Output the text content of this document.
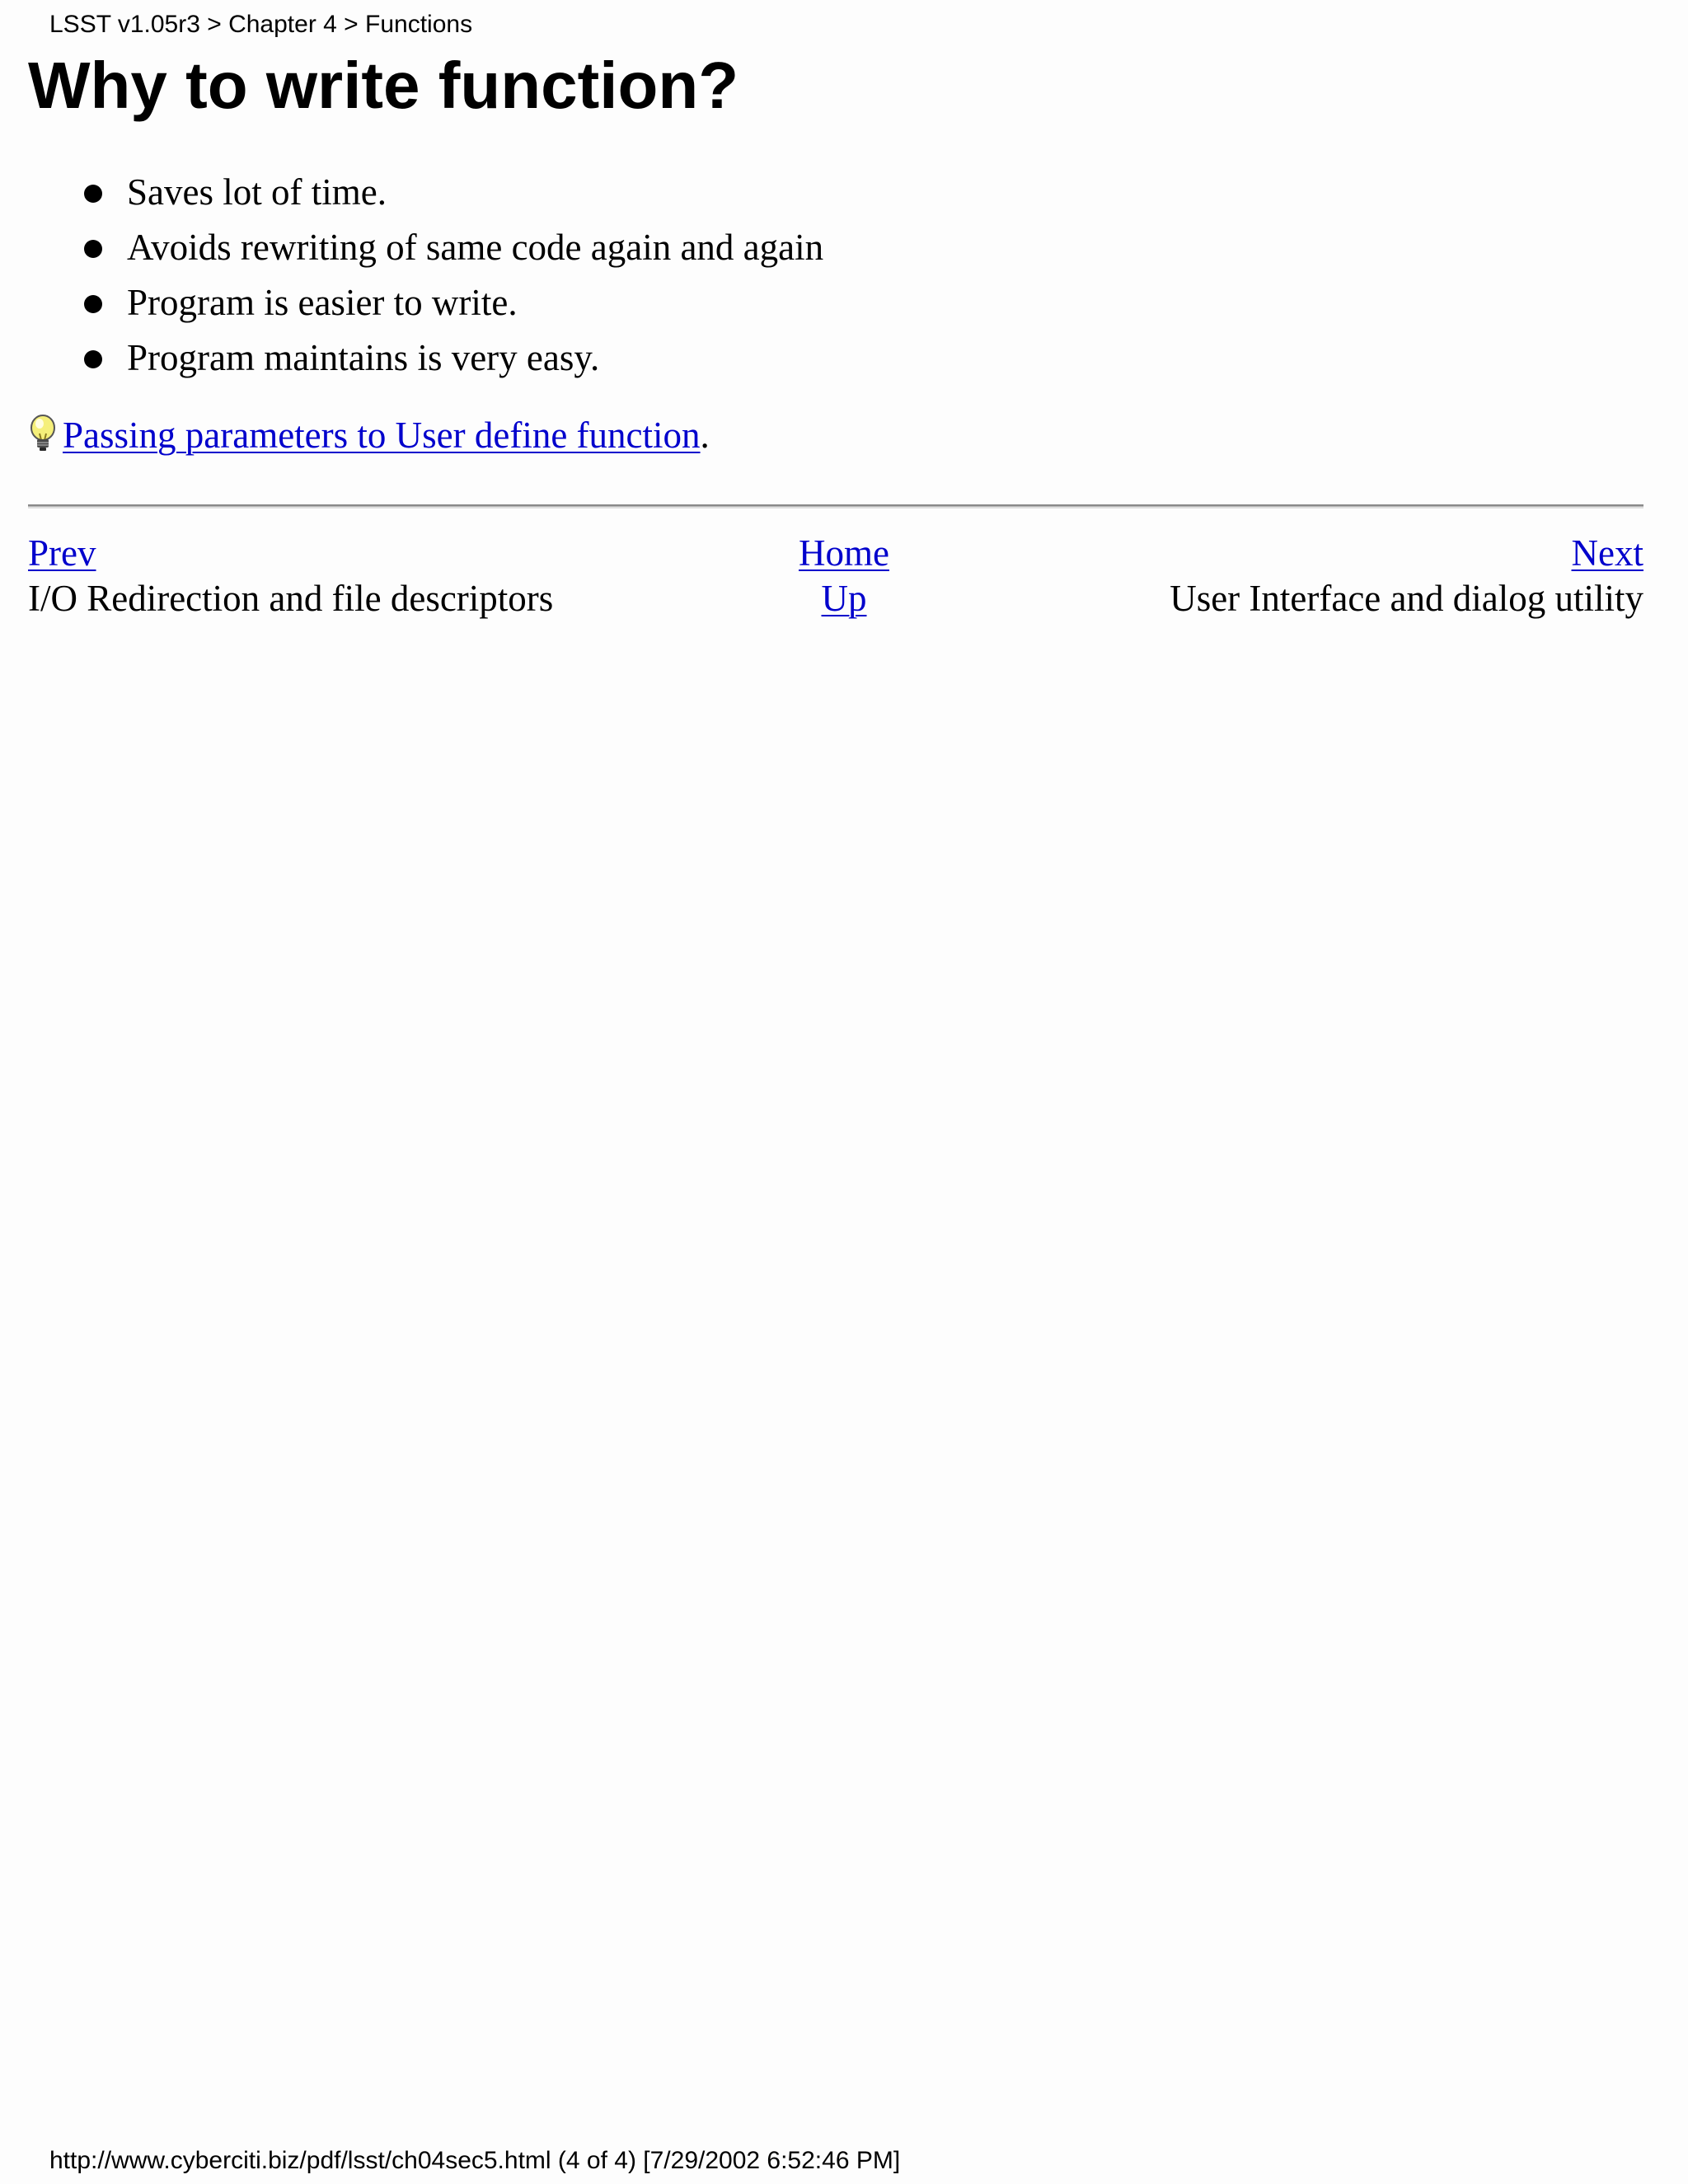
LSST v1.05r3 > Chapter 4 > Functions
Why to write function?
Saves lot of time.
Avoids rewriting of same code again and again
Program is easier to write.
Program maintains is very easy.
Passing parameters to User define function .
Prev
I/O Redirection and file descriptors
Home
Up
Next
User Interface and dialog utility
http://www.cyberciti.biz/pdf/lsst/ch04sec5.html (4 of 4) [7/29/2002 6:52:46 PM]
